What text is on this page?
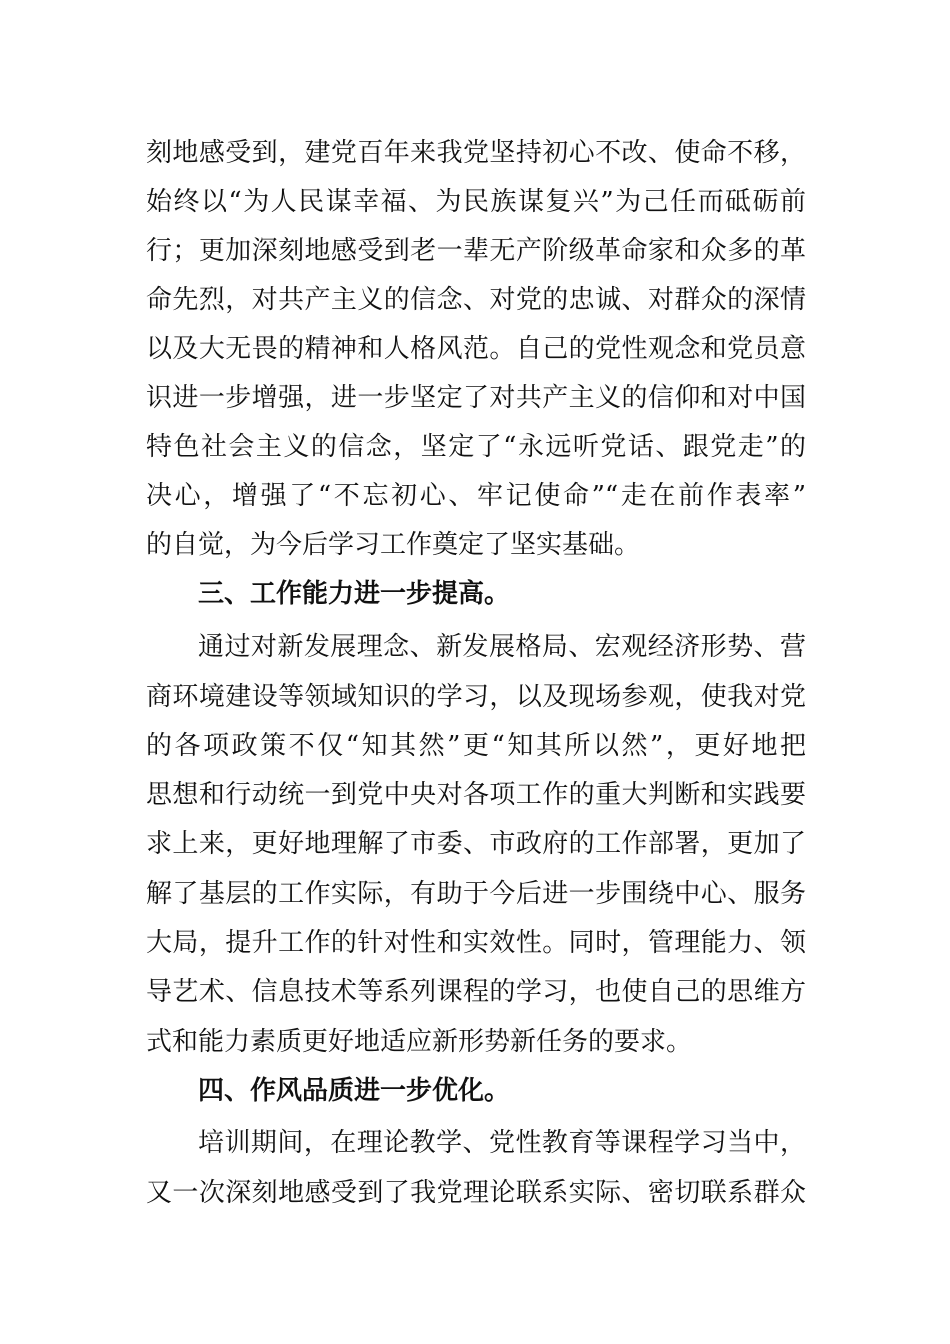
刻地感受到，建党百年来我党坚持初心不改、使命不移，
始终以“为人民谋幸福、为民族谋复兴”为己任而砥砺前
行；更加深刻地感受到老一辈无产阶级革命家和众多的革
命先烈，对共产主义的信念、对党的忠诚、对群众的深情
以及大无畏的精神和人格风范。自己的党性观念和党员意
识进一步增强，进一步坚定了对共产主义的信仰和对中国
特色社会主义的信念，坚定了“永远听党话、跟党走”的
决心，增强了“不忘初心、牢记使命”“走在前作表率”
的自觉，为今后学习工作奠定了坚实基础。
三、工作能力进一步提高。
通过对新发展理念、新发展格局、宏观经济形势、营
商环境建设等领域知识的学习，以及现场参观，使我对党
的各项政策不仅“知其然”更“知其所以然”，更好地把
思想和行动统一到党中央对各项工作的重大判断和实践要
求上来，更好地理解了市委、市政府的工作部署，更加了
解了基层的工作实际，有助于今后进一步围绕中心、服务
大局，提升工作的针对性和实效性。同时，管理能力、领
导艺术、信息技术等系列课程的学习，也使自己的思维方
式和能力素质更好地适应新形势新任务的要求。
四、作风品质进一步优化。
培训期间，在理论教学、党性教育等课程学习当中，
又一次深刻地感受到了我党理论联系实际、密切联系群众
